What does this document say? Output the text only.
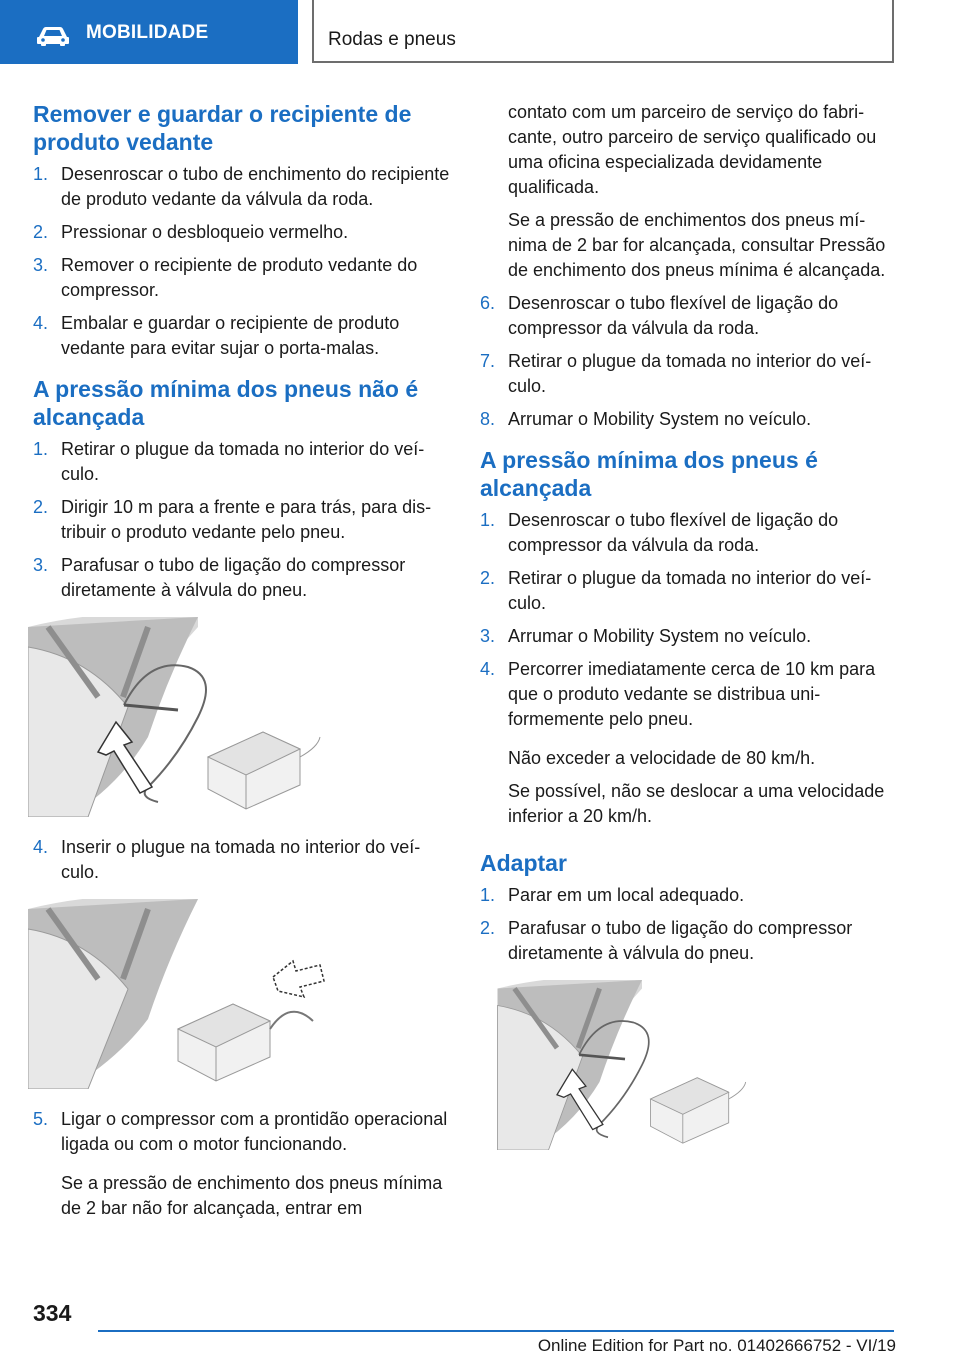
MOBILIDADE	Rodas e pneus
Remover e guardar o recipiente de produto vedante
1. Desenroscar o tubo de enchimento do recipiente de produto vedante da válvula da roda.
2. Pressionar o desbloqueio vermelho.
3. Remover o recipiente de produto vedante do compressor.
4. Embalar e guardar o recipiente de produto vedante para evitar sujar o porta-malas.
A pressão mínima dos pneus não é alcançada
1. Retirar o plugue da tomada no interior do veículo.
2. Dirigir 10 m para a frente e para trás, para distribuir o produto vedante pelo pneu.
3. Parafusar o tubo de ligação do compressor diretamente à válvula do pneu.
4. Inserir o plugue na tomada no interior do veículo.
5. Ligar o compressor com a prontidão operacional ligada ou com o motor funcionando.

Se a pressão de enchimento dos pneus mínima de 2 bar não for alcançada, entrar em

contato com um parceiro de serviço do fabricante, outro parceiro de serviço qualificado ou uma oficina especializada devidamente qualificada.

Se a pressão de enchimentos dos pneus mínima de 2 bar for alcançada, consultar Pressão de enchimento dos pneus mínima é alcançada.

6. Desenroscar o tubo flexível de ligação do compressor da válvula da roda.
7. Retirar o plugue da tomada no interior do veículo.
8. Arrumar o Mobility System no veículo.
A pressão mínima dos pneus é alcançada
1. Desenroscar o tubo flexível de ligação do compressor da válvula da roda.
2. Retirar o plugue da tomada no interior do veículo.
3. Arrumar o Mobility System no veículo.
4. Percorrer imediatamente cerca de 10 km para que o produto vedante se distribua uniformemente pelo pneu.

Não exceder a velocidade de 80 km/h.

Se possível, não se deslocar a uma velocidade inferior a 20 km/h.

Adaptar
1. Parar em um local adequado.
2. Parafusar o tubo de ligação do compressor diretamente à válvula do pneu.
334
Online Edition for Part no. 01402666752 - VI/19
